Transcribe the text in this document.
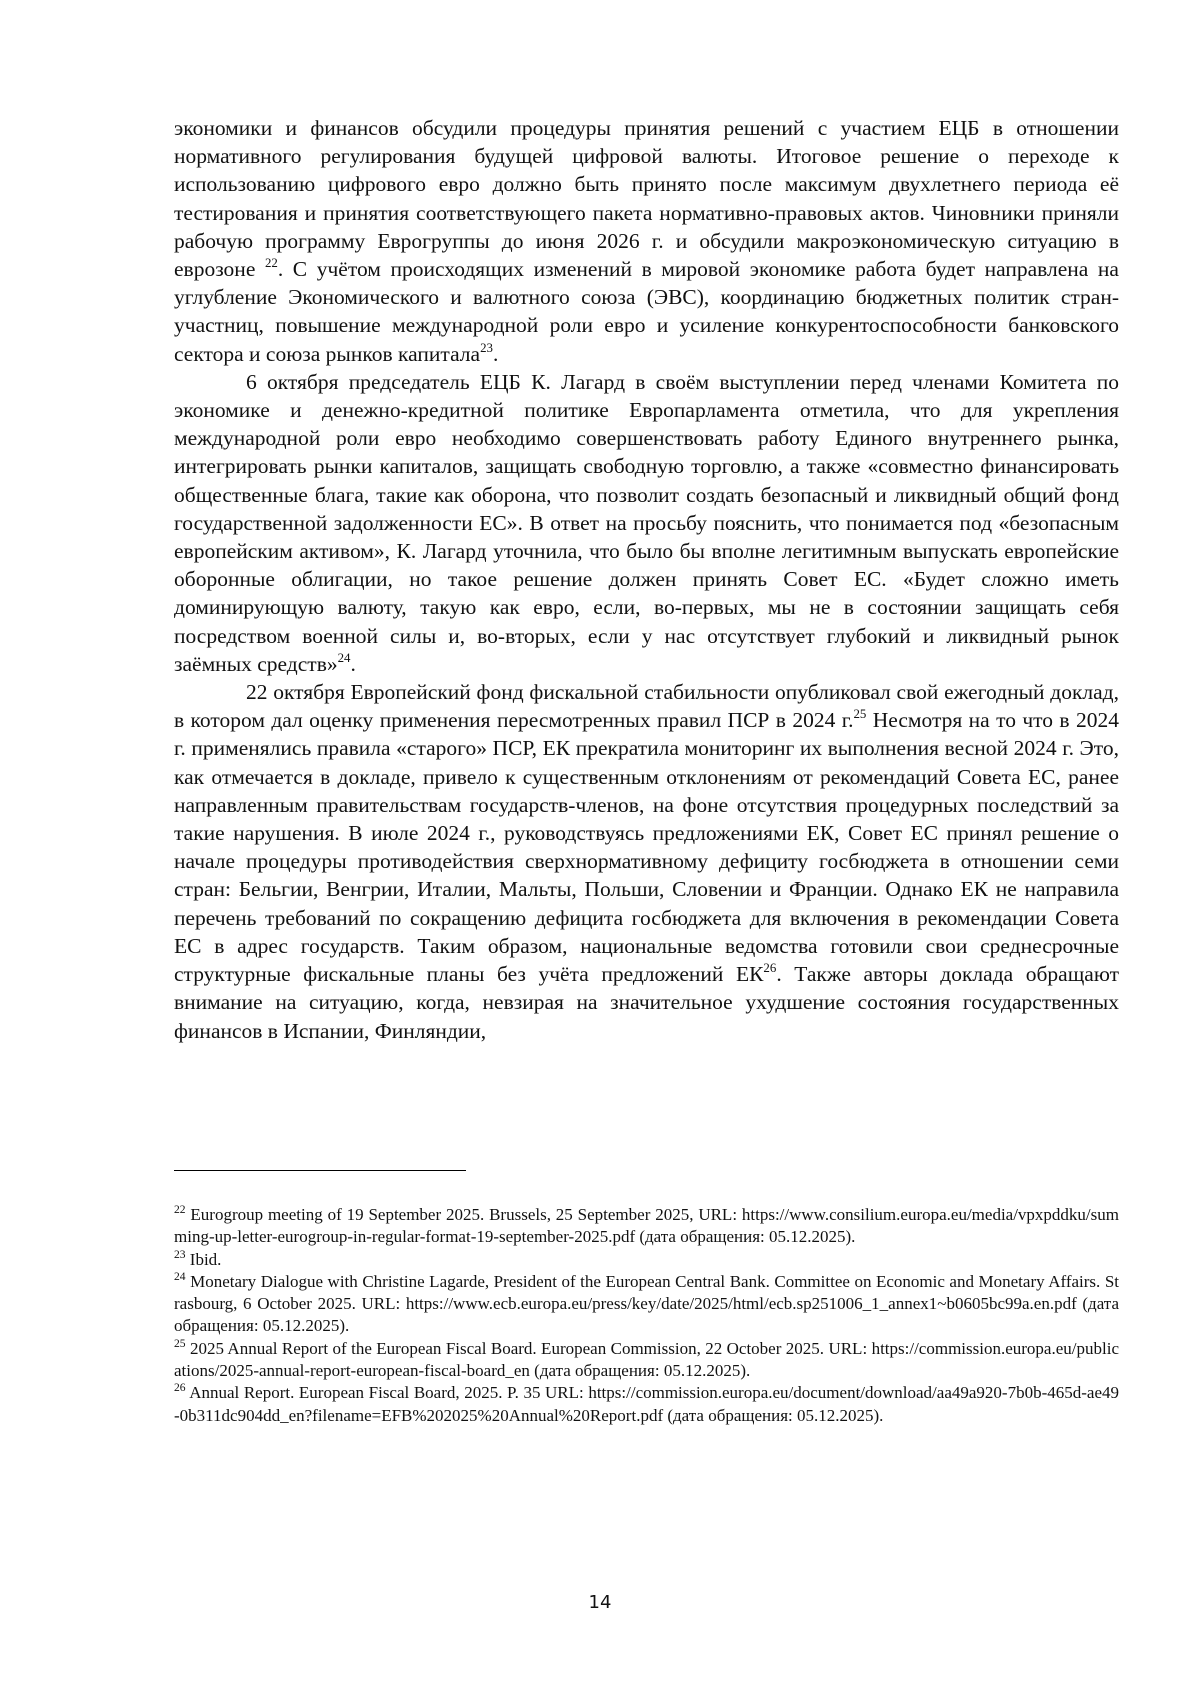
экономики и финансов обсудили процедуры принятия решений с участием ЕЦБ в отношении нормативного регулирования будущей цифровой валюты. Итоговое решение о переходе к использованию цифрового евро должно быть принято после максимум двухлетнего периода её тестирования и принятия соответствующего пакета нормативно-правовых актов. Чиновники приняли рабочую программу Еврогруппы до июня 2026 г. и обсудили макроэкономическую ситуацию в еврозоне $^{22}$. С учётом происходящих изменений в мировой экономике работа будет направлена на углубление Экономического и валютного союза (ЭВС), координацию бюджетных политик стран-участниц, повышение международной роли евро и усиление конкурентоспособности банковского сектора и союза рынков капитала$^{23}$.

6 октября председатель ЕЦБ К. Лагард в своём выступлении перед членами Комитета по экономике и денежно-кредитной политике Европарламента отметила, что для укрепления международной роли евро необходимо совершенствовать работу Единого внутреннего рынка, интегрировать рынки капиталов, защищать свободную торговлю, а также «совместно финансировать общественные блага, такие как оборона, что позволит создать безопасный и ликвидный общий фонд государственной задолженности ЕС». В ответ на просьбу пояснить, что понимается под «безопасным европейским активом», К. Лагард уточнила, что было бы вполне легитимным выпускать европейские оборонные облигации, но такое решение должен принять Совет ЕС. «Будет сложно иметь доминирующую валюту, такую как евро, если, во-первых, мы не в состоянии защищать себя посредством военной силы и, во-вторых, если у нас отсутствует глубокий и ликвидный рынок заёмных средств»$^{24}$.

22 октября Европейский фонд фискальной стабильности опубликовал свой ежегодный доклад, в котором дал оценку применения пересмотренных правил ПСР в 2024 г.$^{25}$ Несмотря на то что в 2024 г. применялись правила «старого» ПСР, ЕК прекратила мониторинг их выполнения весной 2024 г. Это, как отмечается в докладе, привело к существенным отклонениям от рекомендаций Совета ЕС, ранее направленным правительствам государств-членов, на фоне отсутствия процедурных последствий за такие нарушения. В июле 2024 г., руководствуясь предложениями ЕК, Совет ЕС принял решение о начале процедуры противодействия сверхнормативному дефициту госбюджета в отношении семи стран: Бельгии, Венгрии, Италии, Мальты, Польши, Словении и Франции. Однако ЕК не направила перечень требований по сокращению дефицита госбюджета для включения в рекомендации Совета ЕС в адрес государств. Таким образом, национальные ведомства готовили свои среднесрочные структурные фискальные планы без учёта предложений ЕК$^{26}$. Также авторы доклада обращают внимание на ситуацию, когда, невзирая на значительное ухудшение состояния государственных финансов в Испании, Финляндии,

$^{22}$ Eurogroup meeting of 19 September 2025. Brussels, 25 September 2025, URL: https://www.consilium.europa.eu/media/vpxpddku/summing-up-letter-eurogroup-in-regular-format-19-september-2025.pdf (дата обращения: 05.12.2025).

$^{23}$ Ibid.

$^{24}$ Monetary Dialogue with Christine Lagarde, President of the European Central Bank. Committee on Economic and Monetary Affairs. Strasbourg, 6 October 2025. URL: https://www.ecb.europa.eu/press/key/date/2025/html/ecb.sp251006_1_annex1~b0605bc99a.en.pdf (дата обращения: 05.12.2025).

$^{25}$ 2025 Annual Report of the European Fiscal Board. European Commission, 22 October 2025. URL: https://commission.europa.eu/publications/2025-annual-report-european-fiscal-board_en (дата обращения: 05.12.2025).

$^{26}$ Annual Report. European Fiscal Board, 2025. P. 35 URL: https://commission.europa.eu/document/download/aa49a920-7b0b-465d-ae49-0b311dc904dd_en?filename=EFB%202025%20Annual%20Report.pdf (дата обращения: 05.12.2025).

14
